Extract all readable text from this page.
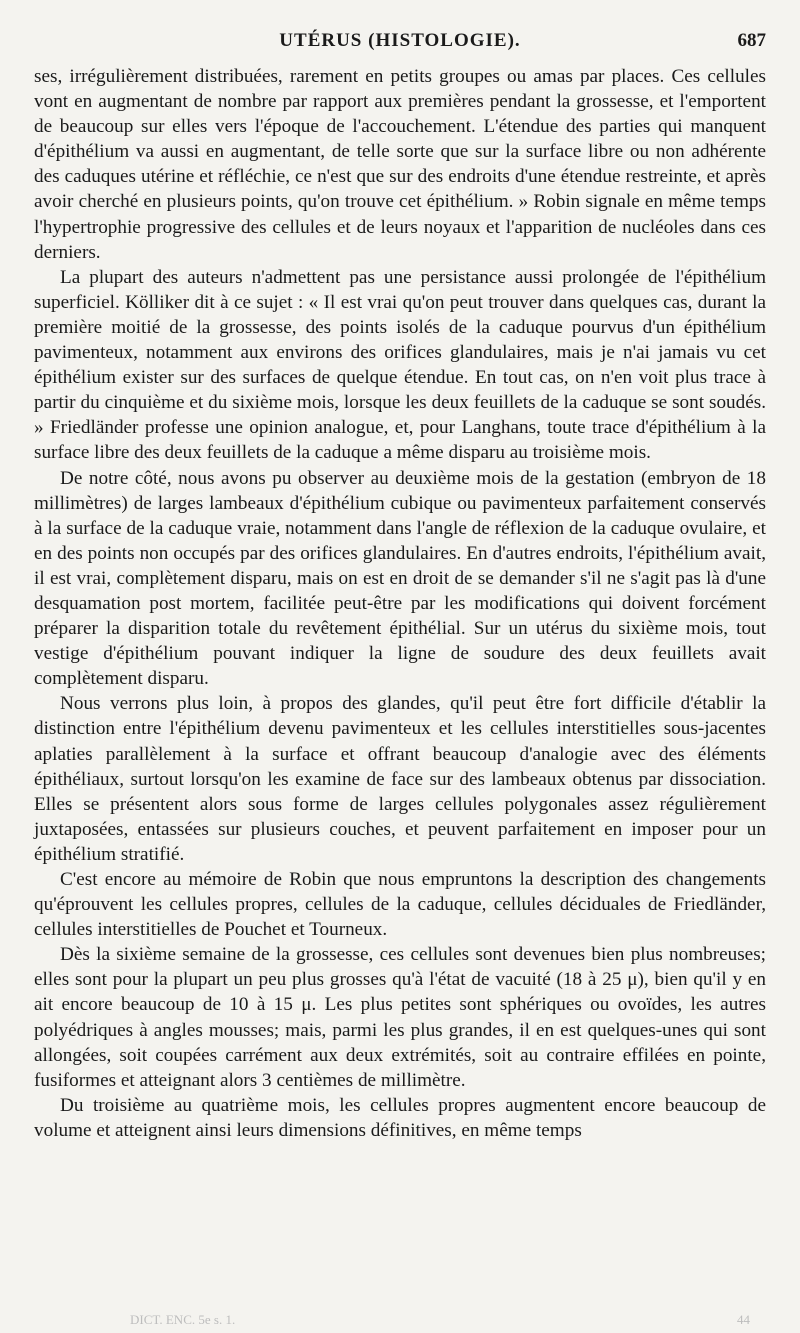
UTÉRUS (HISTOLOGIE).	687

ses, irrégulièrement distribuées, rarement en petits groupes ou amas par places. Ces cellules vont en augmentant de nombre par rapport aux premières pendant la grossesse, et l'emportent de beaucoup sur elles vers l'époque de l'accouchement. L'étendue des parties qui manquent d'épithélium va aussi en augmentant, de telle sorte que sur la surface libre ou non adhérente des caduques utérine et réfléchie, ce n'est que sur des endroits d'une étendue restreinte, et après avoir cherché en plusieurs points, qu'on trouve cet épithélium. » Robin signale en même temps l'hypertrophie progressive des cellules et de leurs noyaux et l'apparition de nucléoles dans ces derniers.

La plupart des auteurs n'admettent pas une persistance aussi prolongée de l'épithélium superficiel. Kölliker dit à ce sujet : « Il est vrai qu'on peut trouver dans quelques cas, durant la première moitié de la grossesse, des points isolés de la caduque pourvus d'un épithélium pavimenteux, notamment aux environs des orifices glandulaires, mais je n'ai jamais vu cet épithélium exister sur des surfaces de quelque étendue. En tout cas, on n'en voit plus trace à partir du cinquième et du sixième mois, lorsque les deux feuillets de la caduque se sont soudés. » Friedländer professe une opinion analogue, et, pour Langhans, toute trace d'épithélium à la surface libre des deux feuillets de la caduque a même disparu au troisième mois.

De notre côté, nous avons pu observer au deuxième mois de la gestation (embryon de 18 millimètres) de larges lambeaux d'épithélium cubique ou pavimenteux parfaitement conservés à la surface de la caduque vraie, notamment dans l'angle de réflexion de la caduque ovulaire, et en des points non occupés par des orifices glandulaires. En d'autres endroits, l'épithélium avait, il est vrai, complètement disparu, mais on est en droit de se demander s'il ne s'agit pas là d'une desquamation post mortem, facilitée peut-être par les modifications qui doivent forcément préparer la disparition totale du revêtement épithélial. Sur un utérus du sixième mois, tout vestige d'épithélium pouvant indiquer la ligne de soudure des deux feuillets avait complètement disparu.

Nous verrons plus loin, à propos des glandes, qu'il peut être fort difficile d'établir la distinction entre l'épithélium devenu pavimenteux et les cellules interstitielles sous-jacentes aplaties parallèlement à la surface et offrant beaucoup d'analogie avec des éléments épithéliaux, surtout lorsqu'on les examine de face sur des lambeaux obtenus par dissociation. Elles se présentent alors sous forme de larges cellules polygonales assez régulièrement juxtaposées, entassées sur plusieurs couches, et peuvent parfaitement en imposer pour un épithélium stratifié.

C'est encore au mémoire de Robin que nous empruntons la description des changements qu'éprouvent les cellules propres, cellules de la caduque, cellules déciduales de Friedländer, cellules interstitielles de Pouchet et Tourneux.

Dès la sixième semaine de la grossesse, ces cellules sont devenues bien plus nombreuses; elles sont pour la plupart un peu plus grosses qu'à l'état de vacuité (18 à 25 μ), bien qu'il y en ait encore beaucoup de 10 à 15 μ. Les plus petites sont sphériques ou ovoïdes, les autres polyédriques à angles mousses; mais, parmi les plus grandes, il en est quelques-unes qui sont allongées, soit coupées carrément aux deux extrémités, soit au contraire effilées en pointe, fusiformes et atteignant alors 3 centièmes de millimètre.

Du troisième au quatrième mois, les cellules propres augmentent encore beaucoup de volume et atteignent ainsi leurs dimensions définitives, en même temps

DICT. ENC. 5e s. 1.	44
